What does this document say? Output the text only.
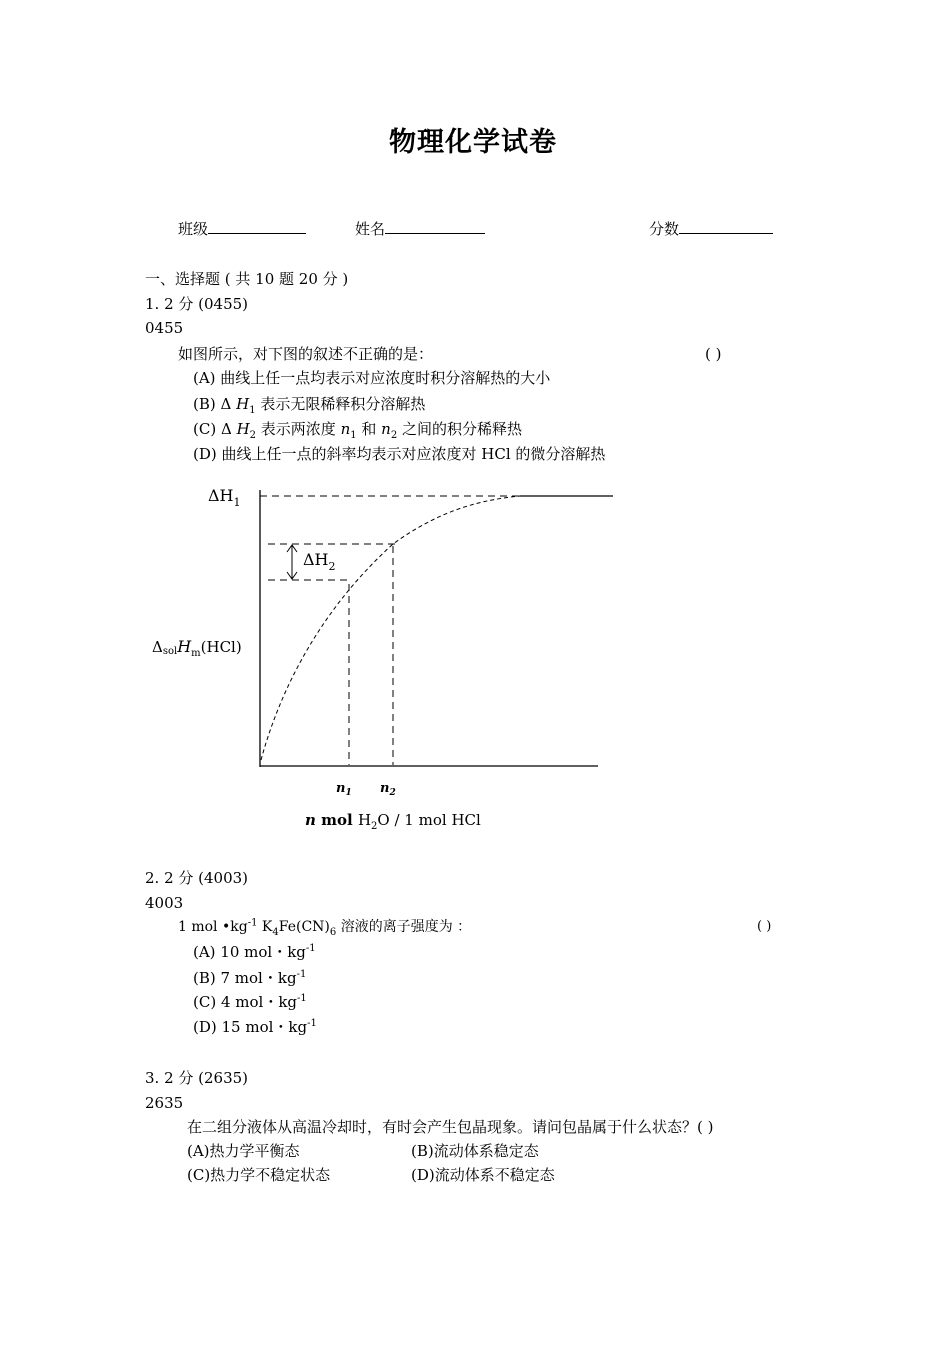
物理化学试卷
班级	姓名	分数
一、选择题 ( 共 10 题 20 分 )
1. 2 分 (0455)
0455
如图所示，对下图的叙述不正确的是：	( )
(A) 曲线上任一点均表示对应浓度时积分溶解热的大小
(B) Δ $H_1$ 表示无限稀释积分溶解热
(C) Δ $H_2$ 表示两浓度 $n_1$ 和 $n_2$ 之间的积分稀释热
(D) 曲线上任一点的斜率均表示对应浓度对 HCl 的微分溶解热
$\Delta H_1$
$\Delta H_2$
ΔsolH$_m$(HCl)
$n_1$ $n_2$
n mol $H_2O / 1$ mol HCl
2. 2 分 (4003)
4003
1 mol $•kg^{-1}$ $K_4Fe(CN)_6$ 溶液的离子强度为 ：	( )
(A) 10 mol・$kg^{-1}$
(B) 7 mol・$kg^{-1}$
(C) 4 mol・$kg^{-1}$
(D) 15 mol・$kg^{-1}$
3. 2 分 (2635)
2635
在二组分液体从高温冷却时，有时会产生包晶现象。请问包晶属于什么状态？( )
(A)热力学平衡态	(B)流动体系稳定态
(C)热力学不稳定状态	(D)流动体系不稳定态
